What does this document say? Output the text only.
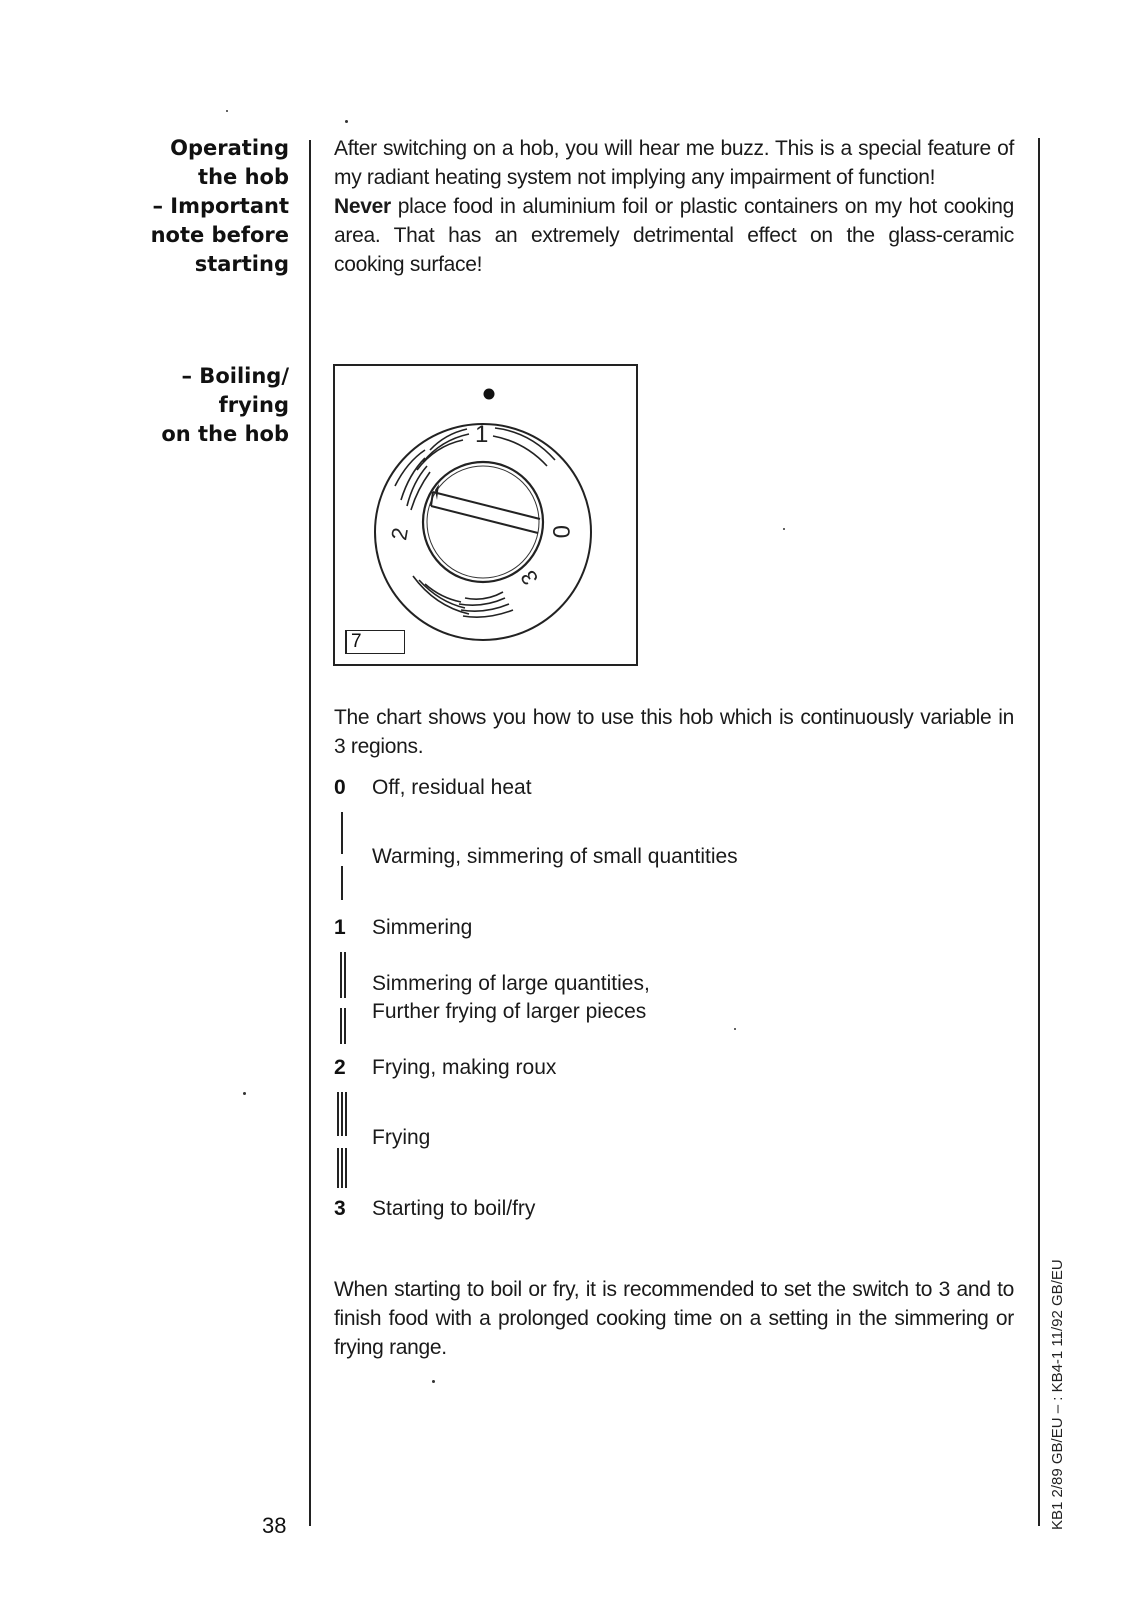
Operating
the hob
– Important
note before
starting
– Boiling/
frying
on the hob

After switching on a hob, you will hear me buzz. This is a special feature of my radiant heating system not implying any impairment of function!

Never place food in aluminium foil or plastic containers on my hot cooking area. That has an extremely detrimental effect on the glass-ceramic cooking surface!

1
0
3
2
7
The chart shows you how to use this hob which is continuously variable in 3 regions.
0	Off, residual heat
Warming, simmering of small quantities
1	Simmering
Simmering of large quantities,
Further frying of larger pieces
2	Frying, making roux
Frying
3	Starting to boil/fry
When starting to boil or fry, it is recommended to set the switch to 3 and to finish food with a prolonged cooking time on a setting in the simmering or frying range.	KB1 2/89 GB/EU – : KB4-1 11/92 GB/EU
38
